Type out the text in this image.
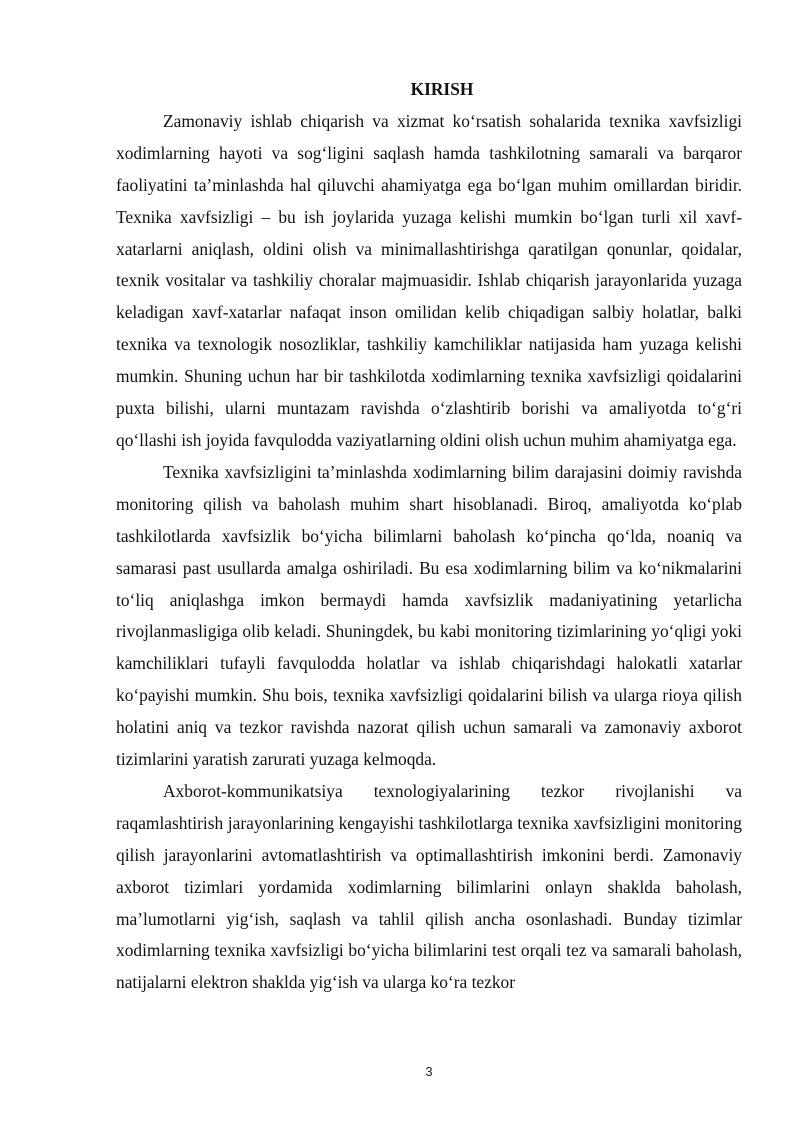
KIRISH

Zamonaviy ishlab chiqarish va xizmat ko‘rsatish sohalarida texnika xavfsizligi xodimlarning hayoti va sog‘ligini saqlash hamda tashkilotning samarali va barqaror faoliyatini ta’minlashda hal qiluvchi ahamiyatga ega bo‘lgan muhim omillardan biridir. Texnika xavfsizligi – bu ish joylarida yuzaga kelishi mumkin bo‘lgan turli xil xavf-xatarlarni aniqlash, oldini olish va minimallashtirishga qaratilgan qonunlar, qoidalar, texnik vositalar va tashkiliy choralar majmuasidir. Ishlab chiqarish jarayonlarida yuzaga keladigan xavf-xatarlar nafaqat inson omilidan kelib chiqadigan salbiy holatlar, balki texnika va texnologik nosozliklar, tashkiliy kamchiliklar natijasida ham yuzaga kelishi mumkin. Shuning uchun har bir tashkilotda xodimlarning texnika xavfsizligi qoidalarini puxta bilishi, ularni muntazam ravishda o‘zlashtirib borishi va amaliyotda to‘g‘ri qo‘llashi ish joyida favqulodda vaziyatlarning oldini olish uchun muhim ahamiyatga ega.

Texnika xavfsizligini ta’minlashda xodimlarning bilim darajasini doimiy ravishda monitoring qilish va baholash muhim shart hisoblanadi. Biroq, amaliyotda ko‘plab tashkilotlarda xavfsizlik bo‘yicha bilimlarni baholash ko‘pincha qo‘lda, noaniq va samarasi past usullarda amalga oshiriladi. Bu esa xodimlarning bilim va ko‘nikmalarini to‘liq aniqlashga imkon bermaydi hamda xavfsizlik madaniyatining yetarlicha rivojlanmasligiga olib keladi. Shuningdek, bu kabi monitoring tizimlarining yo‘qligi yoki kamchiliklari tufayli favqulodda holatlar va ishlab chiqarishdagi halokatli xatarlar ko‘payishi mumkin. Shu bois, texnika xavfsizligi qoidalarini bilish va ularga rioya qilish holatini aniq va tezkor ravishda nazorat qilish uchun samarali va zamonaviy axborot tizimlarini yaratish zarurati yuzaga kelmoqda.

Axborot-kommunikatsiya texnologiyalarining tezkor rivojlanishi va raqamlashtirish jarayonlarining kengayishi tashkilotlarga texnika xavfsizligini monitoring qilish jarayonlarini avtomatlashtirish va optimallashtirish imkonini berdi. Zamonaviy axborot tizimlari yordamida xodimlarning bilimlarini onlayn shaklda baholash, ma’lumotlarni yig‘ish, saqlash va tahlil qilish ancha osonlashadi. Bunday tizimlar xodimlarning texnika xavfsizligi bo‘yicha bilimlarini test orqali tez va samarali baholash, natijalarni elektron shaklda yig‘ish va ularga ko‘ra tezkor

3
